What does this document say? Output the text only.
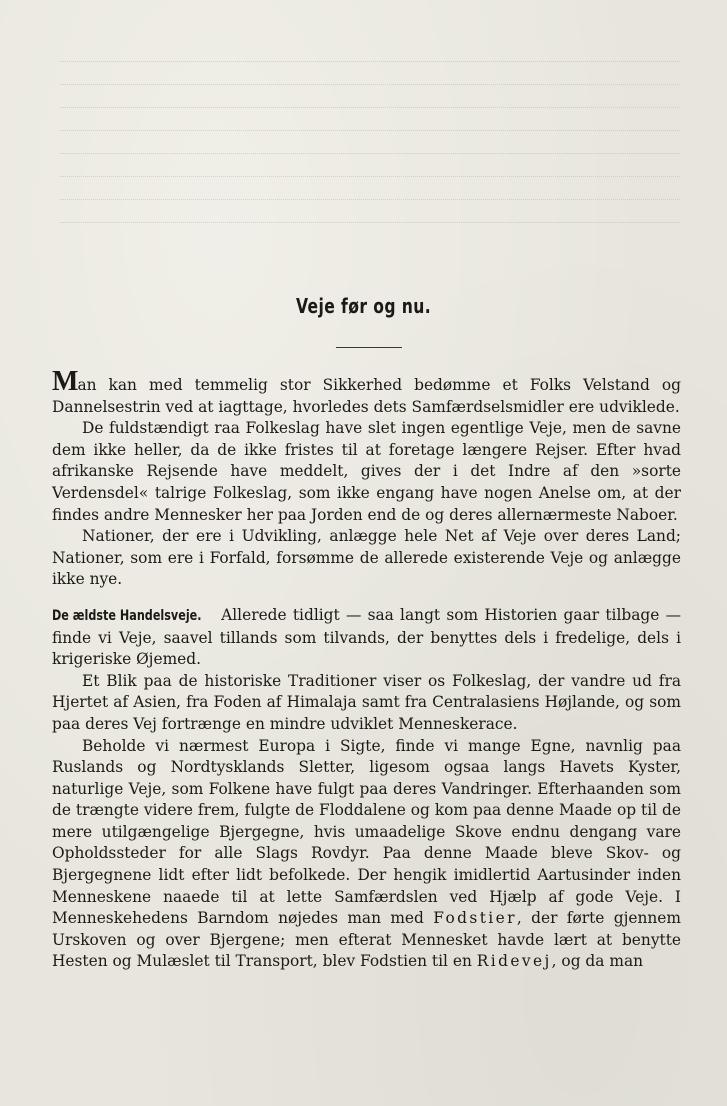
Veje før og nu.

Man kan med temmelig stor Sikkerhed bedømme et Folks Velstand og Dannelsestrin ved at iagttage, hvorledes dets Samfærdselsmidler ere udviklede.

De fuldstændigt raa Folkeslag have slet ingen egentlige Veje, men de savne dem ikke heller, da de ikke fristes til at foretage længere Rejser. Efter hvad afrikanske Rejsende have meddelt, gives der i det Indre af den »sorte Verdensdel« talrige Folkeslag, som ikke engang have nogen Anelse om, at der findes andre Mennesker her paa Jorden end de og deres allernærmeste Naboer.

Nationer, der ere i Udvikling, anlægge hele Net af Veje over deres Land; Nationer, som ere i Forfald, forsømme de allerede existerende Veje og anlægge ikke nye.

De ældste Handelsveje. Allerede tidligt — saa langt som Historien gaar tilbage — finde vi Veje, saavel tillands som tilvands, der benyttes dels i fredelige, dels i krigeriske Øjemed.

Et Blik paa de historiske Traditioner viser os Folkeslag, der vandre ud fra Hjertet af Asien, fra Foden af Himalaja samt fra Centralasiens Højlande, og som paa deres Vej fortrænge en mindre udviklet Menneskerace.

Beholde vi nærmest Europa i Sigte, finde vi mange Egne, navnlig paa Ruslands og Nordtysklands Sletter, ligesom ogsaa langs Havets Kyster, naturlige Veje, som Folkene have fulgt paa deres Vandringer. Efterhaanden som de trængte videre frem, fulgte de Floddalene og kom paa denne Maade op til de mere utilgængelige Bjergegne, hvis umaadelige Skove endnu dengang vare Opholdssteder for alle Slags Rovdyr. Paa denne Maade bleve Skov- og Bjergegnene lidt efter lidt befolkede. Der hengik imidlertid Aartusinder inden Menneskene naaede til at lette Samfærdslen ved Hjælp af gode Veje. I Menneskehedens Barndom nøjedes man med Fodstier, der førte gjennem Urskoven og over Bjergene; men efterat Mennesket havde lært at benytte Hesten og Mulæslet til Transport, blev Fodstien til en Ridevej, og da man
